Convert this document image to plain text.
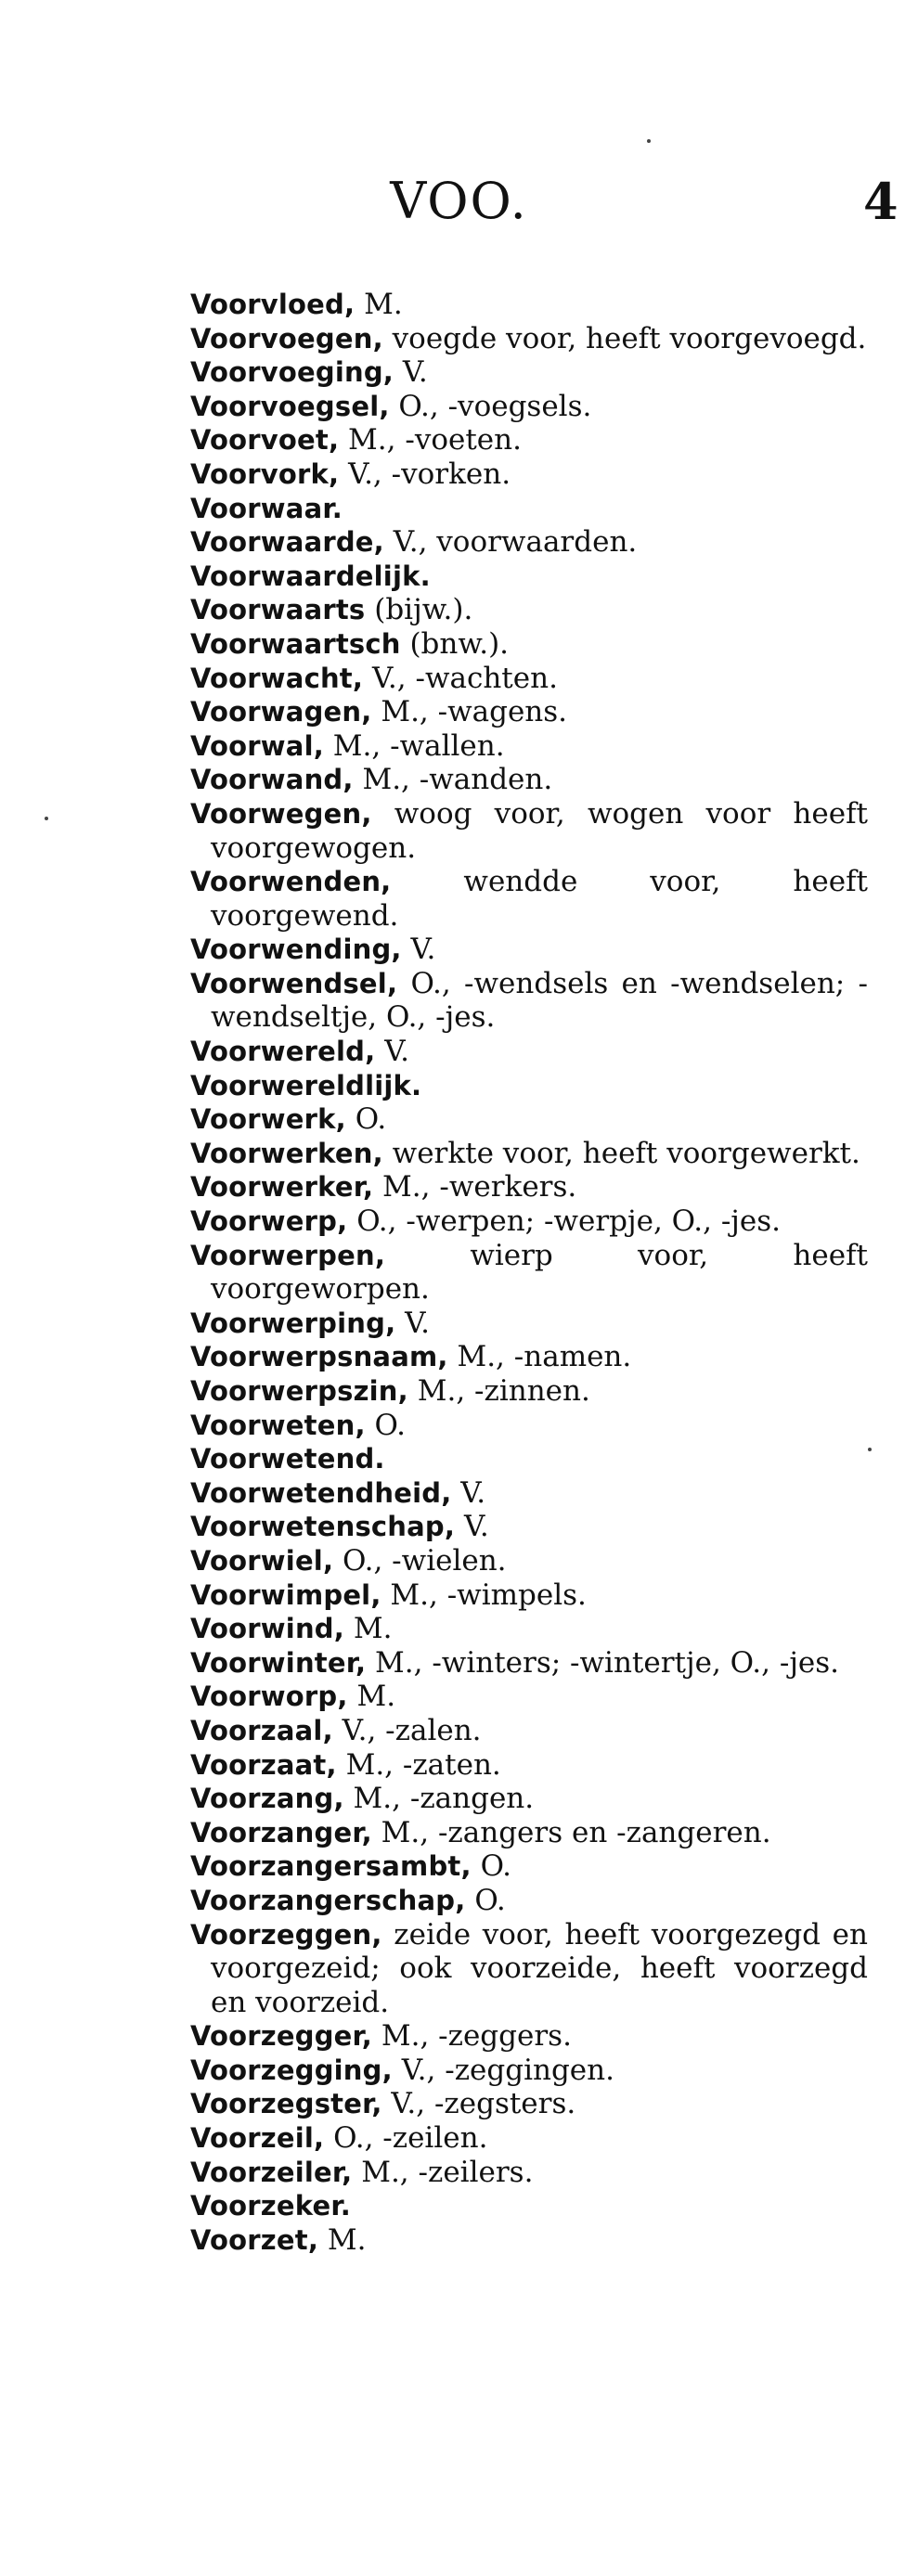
VOO.	4
Voorvloed, M.
Voorvoegen, voegde voor, heeft voorgevoegd.
Voorvoeging, V.
Voorvoegsel, O., -voegsels.
Voorvoet, M., -voeten.
Voorvork, V., -vorken.
Voorwaar.
Voorwaarde, V., voorwaarden.
Voorwaardelijk.
Voorwaarts (bijw.).
Voorwaartsch (bnw.).
Voorwacht, V., -wachten.
Voorwagen, M., -wagens.
Voorwal, M., -wallen.
Voorwand, M., -wanden.
Voorwegen, woog voor, wogen voor heeft voorgewogen.
Voorwenden, wendde voor, heeft voorgewend.
Voorwending, V.
Voorwendsel, O., -wendsels en -wendselen; -wendseltje, O., -jes.
Voorwereld, V.
Voorwereldlijk.
Voorwerk, O.
Voorwerken, werkte voor, heeft voorgewerkt.
Voorwerker, M., -werkers.
Voorwerp, O., -werpen; -werpje, O., -jes.
Voorwerpen, wierp voor, heeft voorgeworpen.
Voorwerping, V.
Voorwerpsnaam, M., -namen.
Voorwerpszin, M., -zinnen.
Voorweten, O.
Voorwetend.
Voorwetendheid, V.
Voorwetenschap, V.
Voorwiel, O., -wielen.
Voorwimpel, M., -wimpels.
Voorwind, M.
Voorwinter, M., -winters; -wintertje, O., -jes.
Voorworp, M.
Voorzaal, V., -zalen.
Voorzaat, M., -zaten.
Voorzang, M., -zangen.
Voorzanger, M., -zangers en -zangeren.
Voorzangersambt, O.
Voorzangerschap, O.
Voorzeggen, zeide voor, heeft voorgezegd en voorgezeid; ook voorzeide, heeft voorzegd en voorzeid.
Voorzegger, M., -zeggers.
Voorzegging, V., -zeggingen.
Voorzegster, V., -zegsters.
Voorzeil, O., -zeilen.
Voorzeiler, M., -zeilers.
Voorzeker.
Voorzet, M.
